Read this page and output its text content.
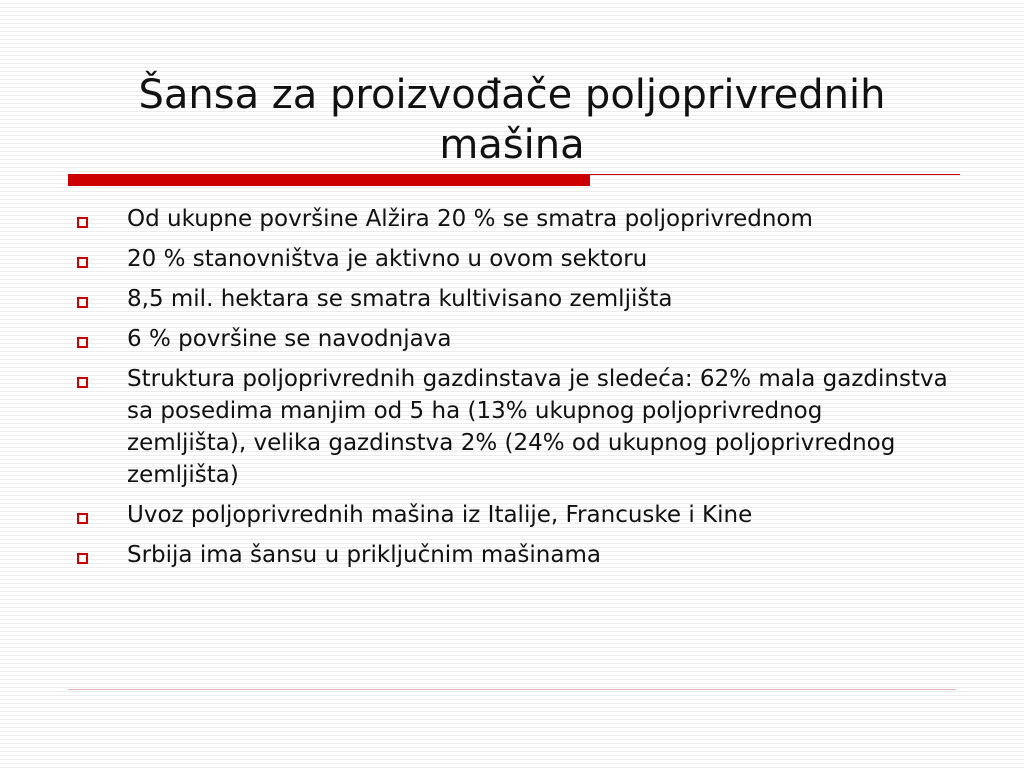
Šansa za proizvođače poljoprivrednih mašina
Od ukupne površine Alžira 20 % se smatra poljoprivrednom
20 % stanovništva je aktivno u ovom sektoru
8,5 mil. hektara se smatra kultivisano zemljišta
6 % površine se navodnjava
Struktura poljoprivrednih gazdinstava je sledeća: 62% mala gazdinstva sa posedima manjim od 5 ha (13% ukupnog poljoprivrednog zemljišta), velika gazdinstva 2% (24% od ukupnog poljoprivrednog zemljišta)
Uvoz poljoprivrednih mašina iz Italije, Francuske i Kine
Srbija ima šansu u priključnim mašinama
